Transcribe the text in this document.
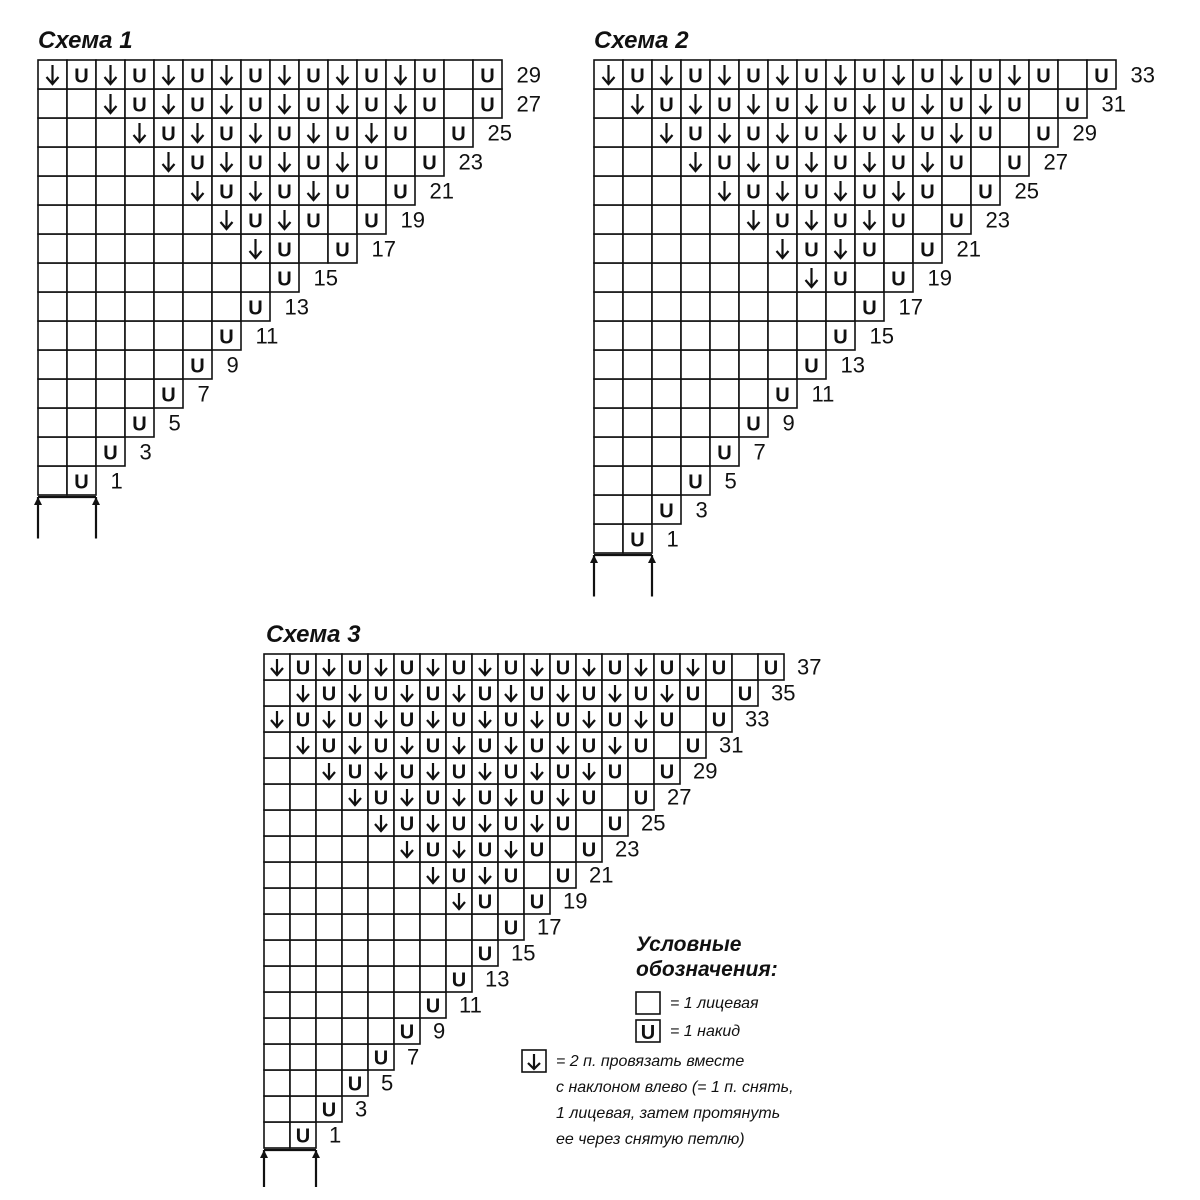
Схема 1
U
U
U
U
U
U
U
U
U U
U U U
U U U U
U U U U U
U U U U U U
U U U U U U U
U U U U U U U U
1
3
5
7
9
11
13
15
17
19
21
23
25
27
29
Схема 2
U
U
U
U
U
U
U
U
U
U U
U U U
U U U U
U U U U U
U U U U U U
U U U U U U U
U U U U U U U U
U U U U U U U U U
1
3
5
7
9
11
13
15
17
19
21
23
25
27
29
31
33
Схема 3
U
U
U
U
U
U
U
U
U
U U
U U U
U U U U
U U U U U
U U U U U U
U U U U U U U
U U U U U U U U
U U U U U U U U U
U U U U U U U U U
U U U U U U U U U U
1
3
5
7
9
11
13
15
17
19
21
23
25
27
29
31
33
35
37
Условные
обозначения:
= 1 лицевая
U = 1 накид
= 2 п. провязать вместе
с наклоном влево (= 1 п. снять,
1 лицевая, затем протянуть
ее через снятую петлю)
